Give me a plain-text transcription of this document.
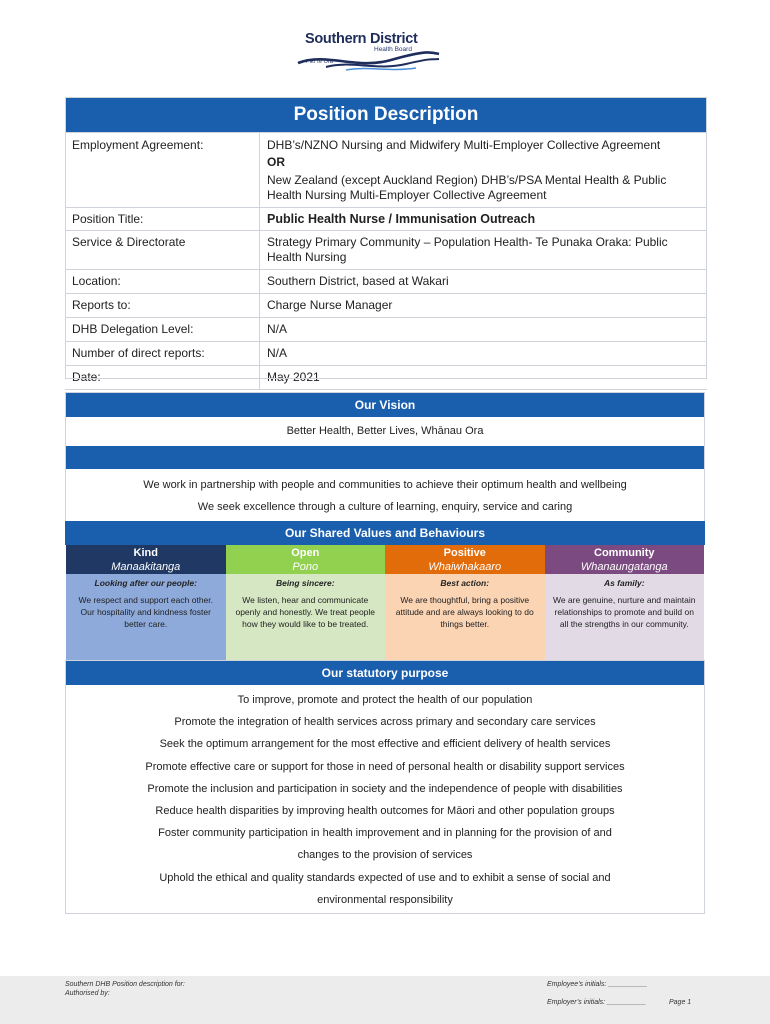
Southern District
Health Board
Piki Te Ora
Position Description	
Employment Agreement:	DHB’s/NZNO Nursing and Midwifery Multi-Employer Collective Agreement
OR
New Zealand (except Auckland Region) DHB’s/PSA Mental Health & Public Health Nursing Multi-Employer Collective Agreement

Position Title:	Public Health Nurse / Immunisation Outreach
Service & Directorate	Strategy Primary Community – Population Health- Te Punaka Oraka: Public Health Nursing
Location:	Southern District, based at Wakari
Reports to:	Charge Nurse Manager
DHB Delegation Level:	N/A
Number of direct reports:	N/A
Date:	May 2021
Our Vision
Better Health, Better Lives, Whānau Ora
We work in partnership with people and communities to achieve their optimum health and wellbeing
We seek excellence through a culture of learning, enquiry, service and caring
Our Shared Values and Behaviours
Kind
Manaakitanga
Looking after our people:
We respect and support each other. Our hospitality and kindness foster better care.
Open
Pono
Being sincere:
We listen, hear and communicate openly and honestly. We treat people how they would like to be treated.
Positive
Whaiwhakaaro
Best action:
We are thoughtful, bring a positive attitude and are always looking to do things better.
Community
Whanaungatanga
As family:
We are genuine, nurture and maintain relationships to promote and build on all the strengths in our community.
Our statutory purpose
To improve, promote and protect the health of our population
Promote the integration of health services across primary and secondary care services
Seek the optimum arrangement for the most effective and efficient delivery of health services
Promote effective care or support for those in need of personal health or disability support services
Promote the inclusion and participation in society and the independence of people with disabilities
Reduce health disparities by improving health outcomes for Māori and other population groups
Foster community participation in health improvement and in planning for the provision of and
changes to the provision of services
Uphold the ethical and quality standards expected of use and to exhibit a sense of social and
environmental responsibility
Southern DHB Position description for:
Authorised by:
Employee’s initials: __________
Employer’s initials: __________	Page 1
